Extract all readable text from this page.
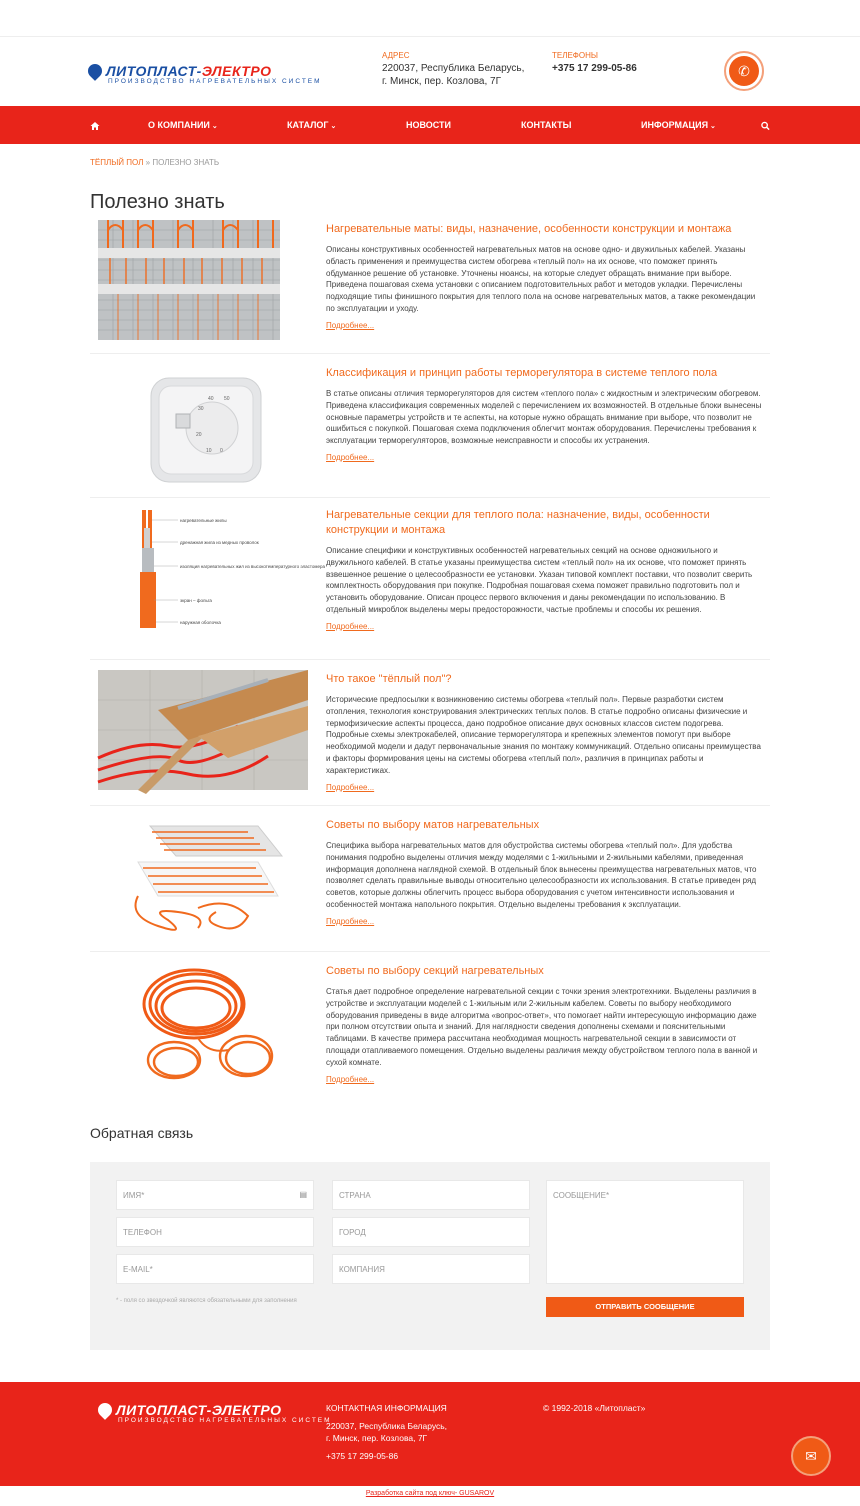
ЛИТОПЛАСТ-ЭЛЕКТРО
ПРОИЗВОДСТВО НАГРЕВАТЕЛЬНЫХ СИСТЕМ
АДРЕС
220037, Республика Беларусь,
г. Минск, пер. Козлова, 7Г
ТЕЛЕФОНЫ
+375 17 299-05-86	✆
О КОМПАНИИ ⌄	КАТАЛОГ ⌄	НОВОСТИ	КОНТАКТЫ	ИНФОРМАЦИЯ ⌄
ТЁПЛЫЙ ПОЛ » ПОЛЕЗНО ЗНАТЬ
Полезно знать
Нагревательные маты: виды, назначение, особенности конструкции и монтажа

Описаны конструктивных особенностей нагревательных матов на основе одно- и двужильных кабелей. Указаны область применения и преимущества систем обогрева «теплый пол» на их основе, что поможет принять обдуманное решение об установке. Уточнены нюансы, на которые следует обращать внимание при выборе. Приведена пошаговая схема установки с описанием подготовительных работ и методов укладки. Перечислены подходящие типы финишного покрытия для теплого пола на основе нагревательных матов, а также рекомендации по эксплуатации и уходу.

Подробнее...
40 50
30
20
10 0
Классификация и принцип работы терморегулятора в системе теплого пола

В статье описаны отличия терморегуляторов для систем «теплого пола» с жидкостным и электрическим обогревом. Приведена классификация современных моделей с перечислением их возможностей. В отдельные блоки вынесены основные параметры устройств и те аспекты, на которые нужно обращать внимание при выборе, что позволит не ошибиться с покупкой. Пошаговая схема подключения облегчит монтаж оборудования. Перечислены требования к эксплуатации терморегуляторов, возможные неисправности и способы их устранения.

Подробнее...
нагревательные жилы
дренажная жила из медных проволок
изоляция нагревательных жил из высокотемпературного эластомера
экран – фольга
наружная оболочка
Нагревательные секции для теплого пола: назначение, виды, особенности конструкции и монтажа

Описание специфики и конструктивных особенностей нагревательных секций на основе одножильного и двужильного кабелей. В статье указаны преимущества систем «теплый пол» на их основе, что поможет принять взвешенное решение о целесообразности ее установки. Указан типовой комплект поставки, что позволит сверить комплектность оборудования при покупке. Подробная пошаговая схема поможет правильно подготовить пол и установить оборудование. Описан процесс первого включения и даны рекомендации по использованию. В отдельный микроблок выделены меры предосторожности, частые проблемы и способы их решения.

Подробнее...
Что такое "тёплый пол"?

Исторические предпосылки к возникновению системы обогрева «теплый пол». Первые разработки систем отопления, технология конструирования электрических теплых полов. В статье подробно описаны физические и термофизические аспекты процесса, дано подробное описание двух основных классов систем подогрева. Подробные схемы электрокабелей, описание терморегулятора и крепежных элементов помогут при выборе необходимой модели и дадут первоначальные знания по монтажу коммуникаций. Отдельно описаны преимущества и факторы формирования цены на системы обогрева «теплый пол», различия в принципах работы и характеристиках.

Подробнее...
Советы по выбору матов нагревательных

Специфика выбора нагревательных матов для обустройства системы обогрева «теплый пол». Для удобства понимания подробно выделены отличия между моделями с 1-жильными и 2-жильными кабелями, приведенная информация дополнена наглядной схемой. В отдельный блок вынесены преимущества нагревательных матов, что позволяет сделать правильные выводы относительно целесообразности их использования. В статье приведен ряд советов, которые должны облегчить процесс выбора оборудования с учетом интенсивности использования и особенностей монтажа напольного покрытия. Отдельно выделены требования к эксплуатации.

Подробнее...
Советы по выбору секций нагревательных

Статья дает подробное определение нагревательной секции с точки зрения электротехники. Выделены различия в устройстве и эксплуатации моделей с 1-жильным или 2-жильным кабелем. Советы по выбору необходимого оборудования приведены в виде алгоритма «вопрос-ответ», что помогает найти интересующую информацию даже при полном отсутствии опыта и знаний. Для наглядности сведения дополнены схемами и пояснительными таблицами. В качестве примера рассчитана необходимая мощность нагревательной секции в зависимости от площади отапливаемого помещения. Отдельно выделены различия между обустройством теплого пола в ванной и сухой комнате.

Подробнее...
Обратная связь
ИМЯ*	▤
ТЕЛЕФОН
E-MAIL*
СТРАНА
ГОРОД
КОМПАНИЯ
СООБЩЕНИЕ*
* - поля со звездочкой являются обязательными для заполнения
ОТПРАВИТЬ СООБЩЕНИЕ
ЛИТОПЛАСТ-ЭЛЕКТРО
ПРОИЗВОДСТВО НАГРЕВАТЕЛЬНЫХ СИСТЕМ
КОНТАКТНАЯ ИНФОРМАЦИЯ
220037, Республика Беларусь,
г. Минск, пер. Козлова, 7Г
+375 17 299-05-86
© 1992-2018 «Литопласт»
✉
Разработка сайта под ключ- GUSAROV
